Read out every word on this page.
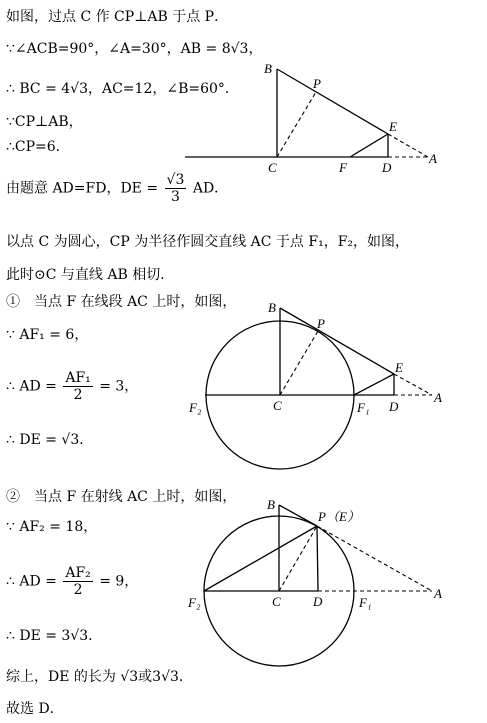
如图，过点 C 作 CP⊥AB 于点 P．
∵∠ACB=90°，∠A=30°，AB = 8√3，
∴ BC = 4√3，AC=12，∠B=60°．
∵CP⊥AB，
∴CP=6．
由题意 AD=FD，DE = $\frac{√3}{3}$ AD．
以点 C 为圆心，CP 为半径作圆交直线 AC 于点 F₁，F₂，如图，
此时⊙C 与直线 AB 相切．
①　当点 F 在线段 AC 上时，如图，
∵ AF₁ = 6，
∴ AD = $\frac{\text{AF₁}}{2} = 3$，
∴ DE = √3．
②　当点 F 在射线 AC 上时，如图，
∵ AF₂ = 18，
∴ AD = $\frac{\text{AF₂}}{2} = 9$，
∴ DE = 3√3．
综上，DE 的长为 √3或3√3．
故选 D．
B
P
E
C	F	D
A
B
P
E
F₂	C	F₁ D
A
B
P（E）
F₂	C D	F₁
A
